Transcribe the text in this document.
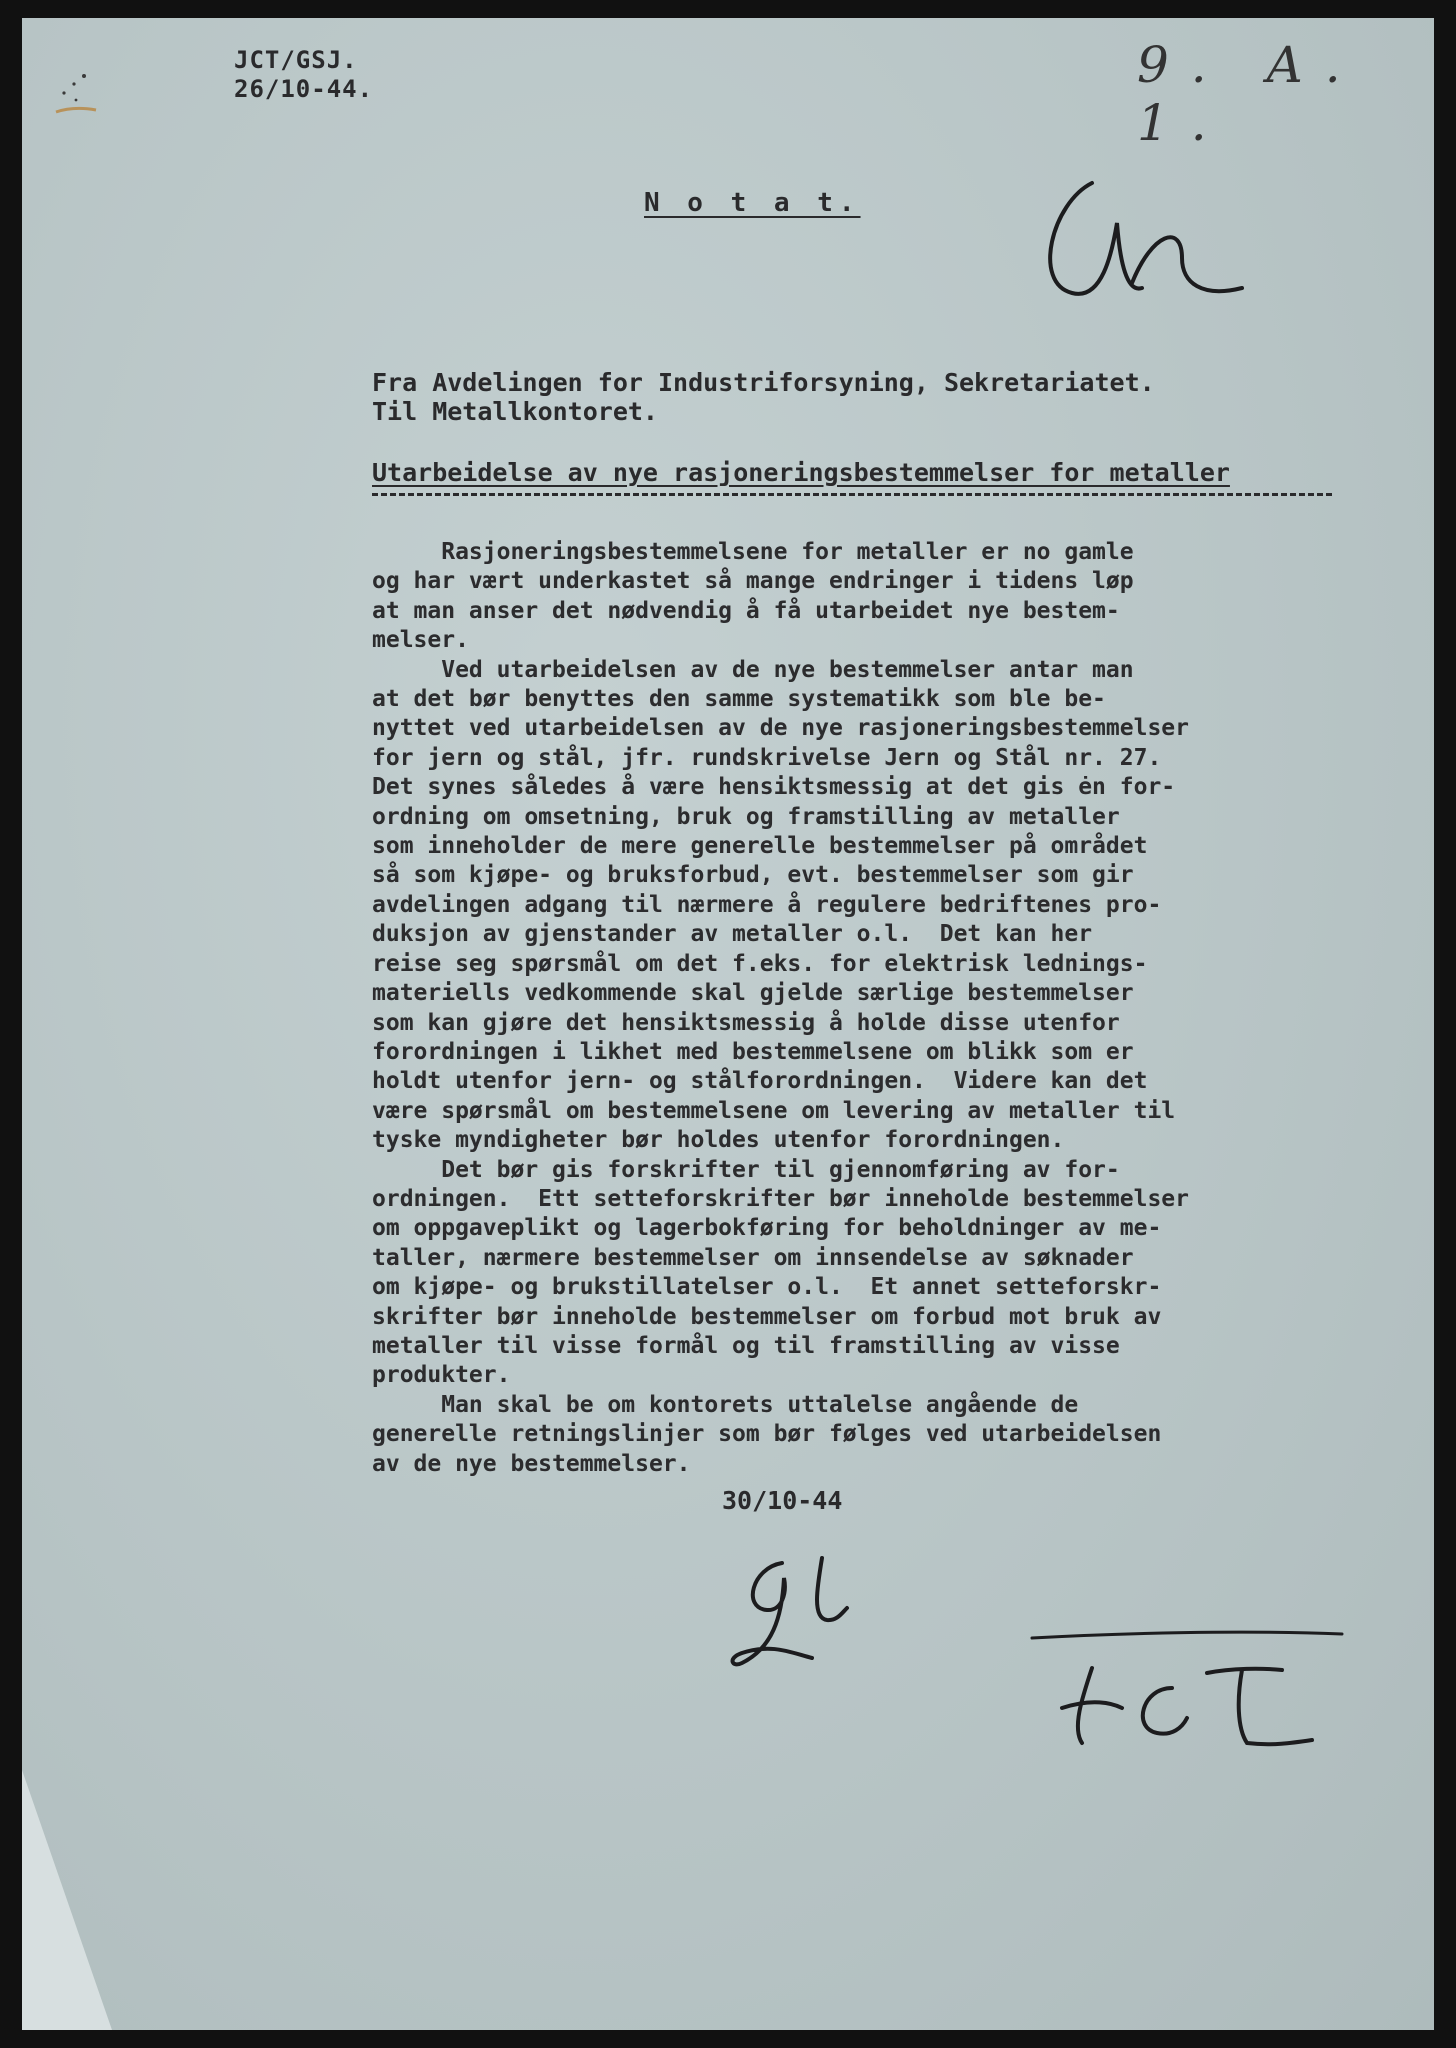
JCT/GSJ.
26/10-44.	9. A. 1.
N o t a t.
Fra Avdelingen for Industriforsyning, Sekretariatet.
Til Metallkontoret.
Utarbeidelse av nye rasjoneringsbestemmelser for metaller
Rasjoneringsbestemmelsene for metaller er no gamle
og har vært underkastet så mange endringer i tidens løp
at man anser det nødvendig å få utarbeidet nye bestem-
melser.
Ved utarbeidelsen av de nye bestemmelser antar man
at det bør benyttes den samme systematikk som ble be-
nyttet ved utarbeidelsen av de nye rasjoneringsbestemmelser
for jern og stål, jfr. rundskrivelse Jern og Stål nr. 27.
Det synes således å være hensiktsmessig at det gis ėn for-
ordning om omsetning, bruk og framstilling av metaller
som inneholder de mere generelle bestemmelser på området
så som kjøpe- og bruksforbud, evt. bestemmelser som gir
avdelingen adgang til nærmere å regulere bedriftenes pro-
duksjon av gjenstander av metaller o.l.  Det kan her
reise seg spørsmål om det f.eks. for elektrisk lednings-
materiells vedkommende skal gjelde særlige bestemmelser
som kan gjøre det hensiktsmessig å holde disse utenfor
forordningen i likhet med bestemmelsene om blikk som er
holdt utenfor jern- og stålforordningen.  Videre kan det
være spørsmål om bestemmelsene om levering av metaller til
tyske myndigheter bør holdes utenfor forordningen.
Det bør gis forskrifter til gjennomføring av for-
ordningen.  Ett setteforskrifter bør inneholde bestemmelser
om oppgaveplikt og lagerbokføring for beholdninger av me-
taller, nærmere bestemmelser om innsendelse av søknader
om kjøpe- og brukstillatelser o.l.  Et annet setteforskr-
skrifter bør inneholde bestemmelser om forbud mot bruk av
metaller til visse formål og til framstilling av visse
produkter.
Man skal be om kontorets uttalelse angående de
generelle retningslinjer som bør følges ved utarbeidelsen
av de nye bestemmelser.
30/10-44
